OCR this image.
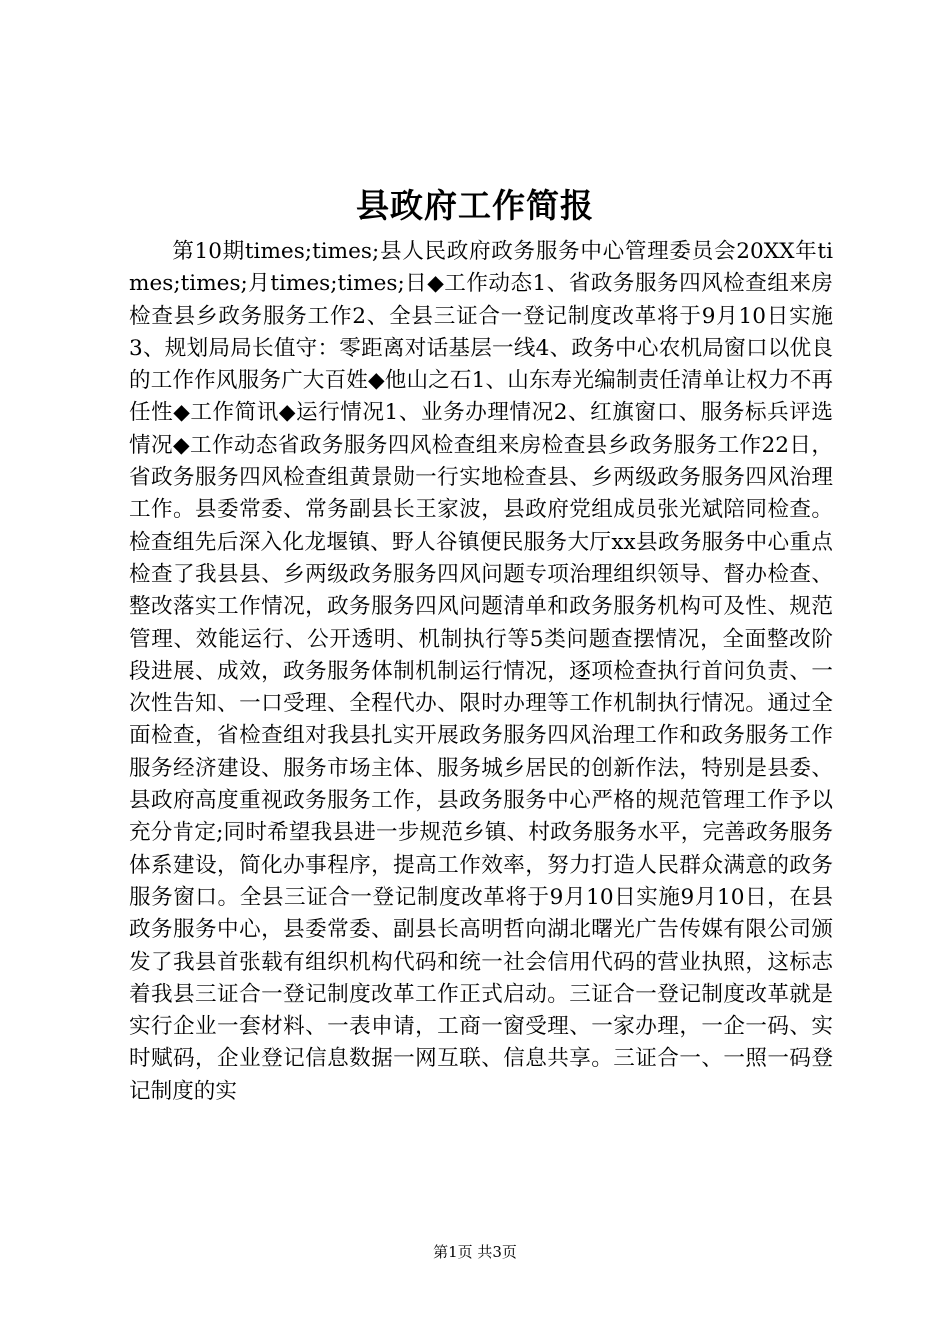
县政府工作简报
第10期times;times;县人民政府政务服务中心管理委员会20XX年times;times;月times;times;日◆工作动态1、省政务服务四风检查组来房检查县乡政务服务工作2、全县三证合一登记制度改革将于9月10日实施3、规划局局长值守：零距离对话基层一线4、政务中心农机局窗口以优良的工作作风服务广大百姓◆他山之石1、山东寿光编制责任清单让权力不再任性◆工作简讯◆运行情况1、业务办理情况2、红旗窗口、服务标兵评选情况◆工作动态省政务服务四风检查组来房检查县乡政务服务工作22日，省政务服务四风检查组黄景勋一行实地检查县、乡两级政务服务四风治理工作。县委常委、常务副县长王家波，县政府党组成员张光斌陪同检查。检查组先后深入化龙堰镇、野人谷镇便民服务大厅xx县政务服务中心重点检查了我县县、乡两级政务服务四风问题专项治理组织领导、督办检查、整改落实工作情况，政务服务四风问题清单和政务服务机构可及性、规范管理、效能运行、公开透明、机制执行等5类问题查摆情况，全面整改阶段进展、成效，政务服务体制机制运行情况，逐项检查执行首问负责、一次性告知、一口受理、全程代办、限时办理等工作机制执行情况。通过全面检查，省检查组对我县扎实开展政务服务四风治理工作和政务服务工作服务经济建设、服务市场主体、服务城乡居民的创新作法，特别是县委、县政府高度重视政务服务工作，县政务服务中心严格的规范管理工作予以充分肯定;同时希望我县进一步规范乡镇、村政务服务水平，完善政务服务体系建设，简化办事程序，提高工作效率，努力打造人民群众满意的政务服务窗口。全县三证合一登记制度改革将于9月10日实施9月10日，在县政务服务中心，县委常委、副县长高明哲向湖北曙光广告传媒有限公司颁发了我县首张载有组织机构代码和统一社会信用代码的营业执照，这标志着我县三证合一登记制度改革工作正式启动。三证合一登记制度改革就是实行企业一套材料、一表申请，工商一窗受理、一家办理，一企一码、实时赋码，企业登记信息数据一网互联、信息共享。三证合一、一照一码登记制度的实
第1页 共3页
